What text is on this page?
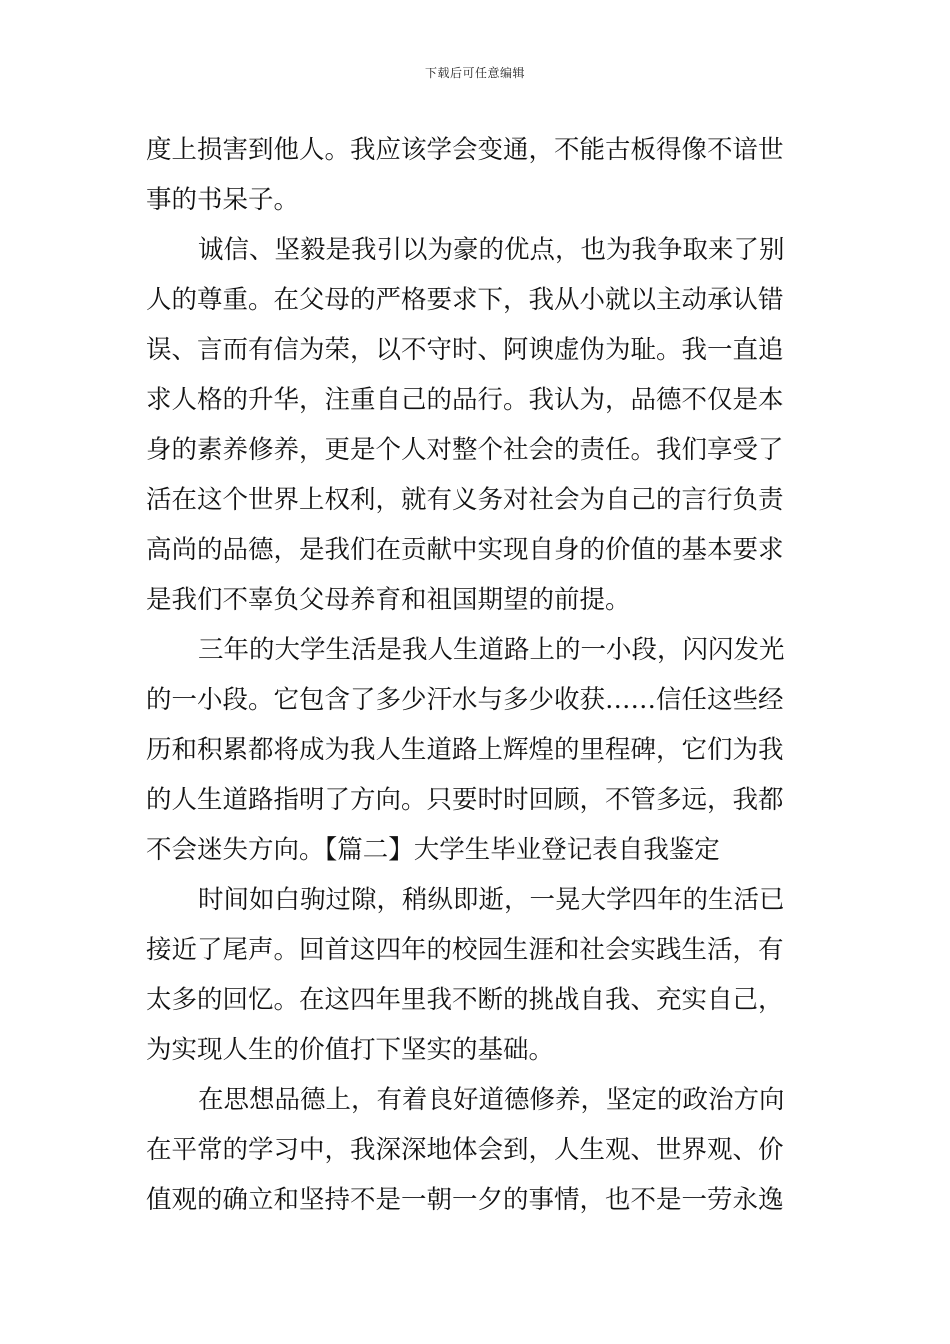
下载后可任意编辑
度上损害到他人。我应该学会变通，不能古板得像不谙世
事的书呆子。
诚信、坚毅是我引以为豪的优点，也为我争取来了别
人的尊重。在父母的严格要求下，我从小就以主动承认错
误、言而有信为荣，以不守时、阿谀虚伪为耻。我一直追
求人格的升华，注重自己的品行。我认为，品德不仅是本
身的素养修养，更是个人对整个社会的责任。我们享受了
活在这个世界上权利，就有义务对社会为自己的言行负责
高尚的品德，是我们在贡献中实现自身的价值的基本要求
是我们不辜负父母养育和祖国期望的前提。
三年的大学生活是我人生道路上的一小段，闪闪发光
的一小段。它包含了多少汗水与多少收获……信任这些经
历和积累都将成为我人生道路上辉煌的里程碑，它们为我
的人生道路指明了方向。只要时时回顾，不管多远，我都
不会迷失方向。【篇二】大学生毕业登记表自我鉴定
时间如白驹过隙，稍纵即逝，一晃大学四年的生活已
接近了尾声。回首这四年的校园生涯和社会实践生活，有
太多的回忆。在这四年里我不断的挑战自我、充实自己，
为实现人生的价值打下坚实的基础。
在思想品德上，有着良好道德修养，坚定的政治方向
在平常的学习中，我深深地体会到，人生观、世界观、价
值观的确立和坚持不是一朝一夕的事情，也不是一劳永逸
